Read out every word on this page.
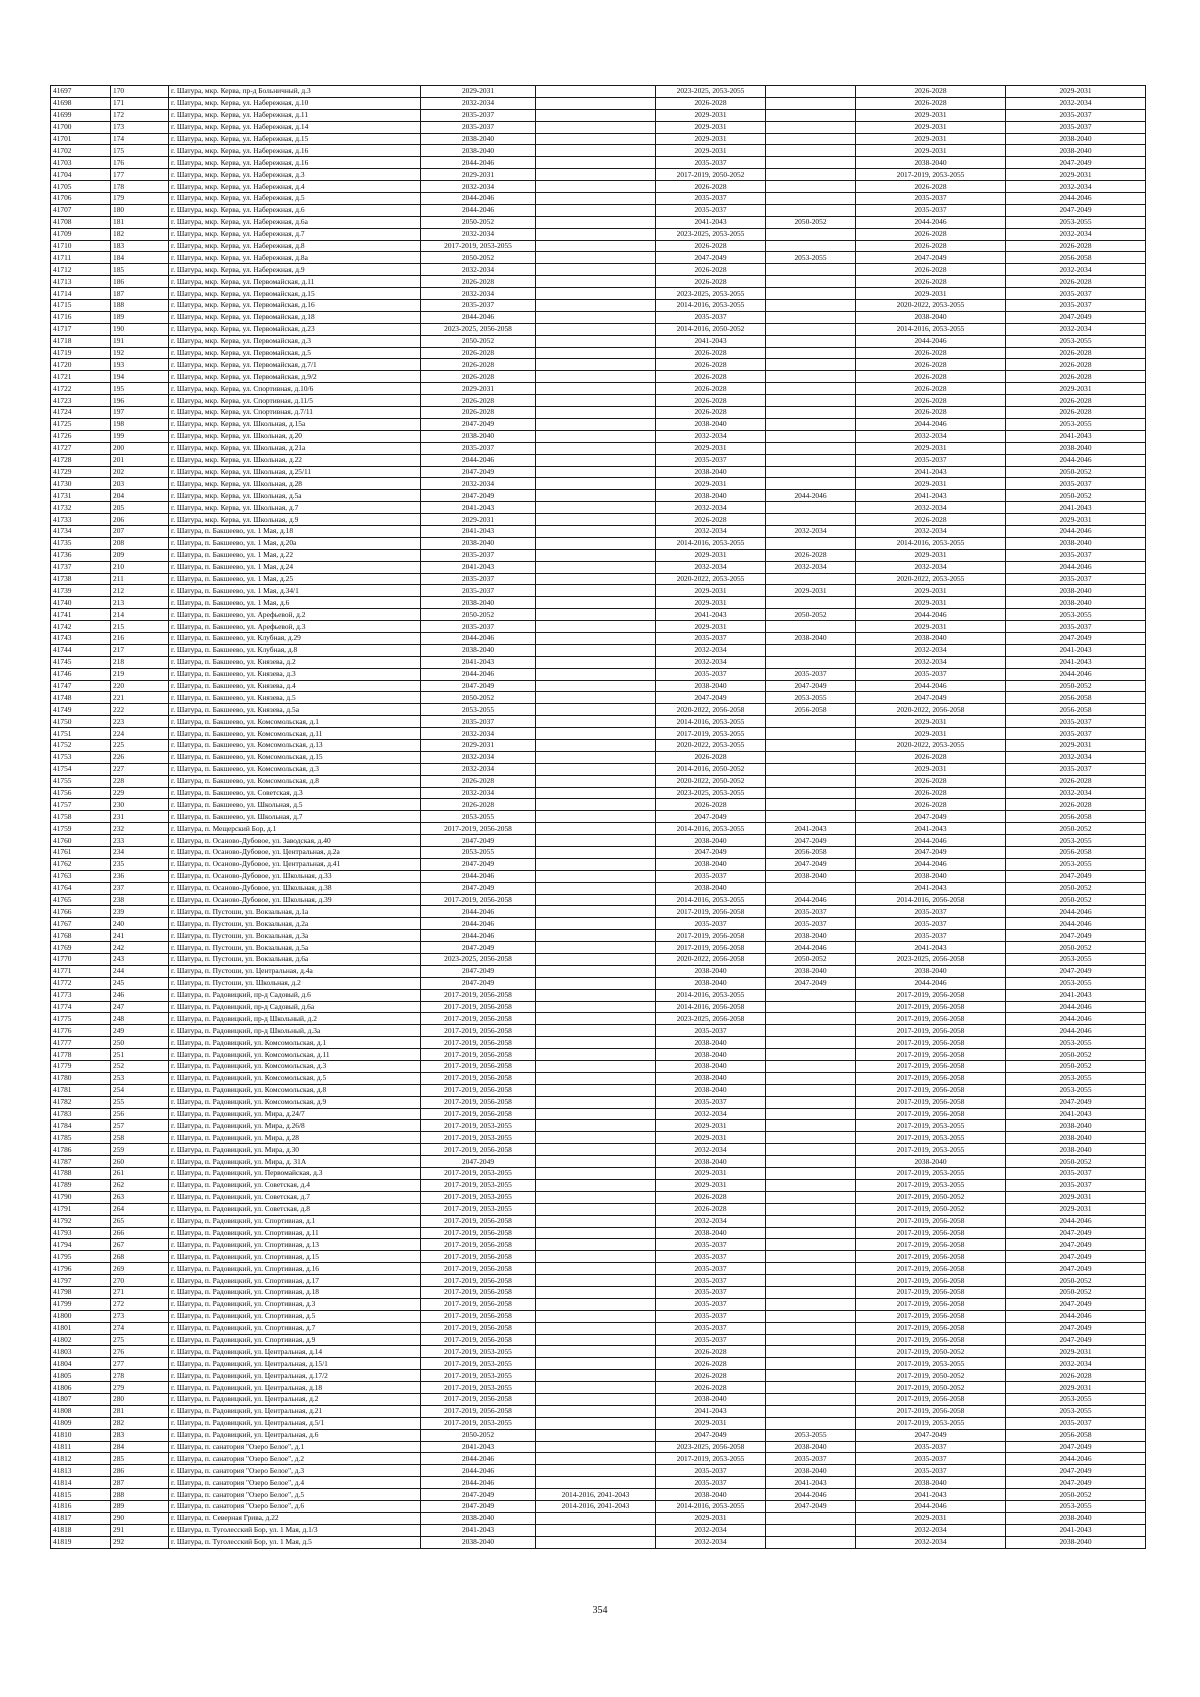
41697	170	г. Шатура, мкр. Керва, пр-д Больничный, д.3	2029-2031		2023-2025, 2053-2055		2026-2028	2029-2031
41698	171	г. Шатура, мкр. Керва, ул. Набережная, д.10	2032-2034		2026-2028		2026-2028	2032-2034
41699	172	г. Шатура, мкр. Керва, ул. Набережная, д.11	2035-2037		2029-2031		2029-2031	2035-2037
41700	173	г. Шатура, мкр. Керва, ул. Набережная, д.14	2035-2037		2029-2031		2029-2031	2035-2037
41701	174	г. Шатура, мкр. Керва, ул. Набережная, д.15	2038-2040		2029-2031		2029-2031	2038-2040
41702	175	г. Шатура, мкр. Керва, ул. Набережная, д.16	2038-2040		2029-2031		2029-2031	2038-2040
41703	176	г. Шатура, мкр. Керва, ул. Набережная, д.16	2044-2046		2035-2037		2038-2040	2047-2049
41704	177	г. Шатура, мкр. Керва, ул. Набережная, д.3	2029-2031		2017-2019, 2050-2052		2017-2019, 2053-2055	2029-2031
41705	178	г. Шатура, мкр. Керва, ул. Набережная, д.4	2032-2034		2026-2028		2026-2028	2032-2034
41706	179	г. Шатура, мкр. Керва, ул. Набережная, д.5	2044-2046		2035-2037		2035-2037	2044-2046
41707	180	г. Шатура, мкр. Керва, ул. Набережная, д.6	2044-2046		2035-2037		2035-2037	2047-2049
41708	181	г. Шатура, мкр. Керва, ул. Набережная, д.6а	2050-2052		2041-2043	2050-2052	2044-2046	2053-2055
41709	182	г. Шатура, мкр. Керва, ул. Набережная, д.7	2032-2034		2023-2025, 2053-2055		2026-2028	2032-2034
41710	183	г. Шатура, мкр. Керва, ул. Набережная, д.8	2017-2019, 2053-2055		2026-2028		2026-2028	2026-2028
41711	184	г. Шатура, мкр. Керва, ул. Набережная, д.8а	2050-2052		2047-2049	2053-2055	2047-2049	2056-2058
41712	185	г. Шатура, мкр. Керва, ул. Набережная, д.9	2032-2034		2026-2028		2026-2028	2032-2034
41713	186	г. Шатура, мкр. Керва, ул. Первомайская, д.11	2026-2028		2026-2028		2026-2028	2026-2028
41714	187	г. Шатура, мкр. Керва, ул. Первомайская, д.15	2032-2034		2023-2025, 2053-2055		2029-2031	2035-2037
41715	188	г. Шатура, мкр. Керва, ул. Первомайская, д.16	2035-2037		2014-2016, 2053-2055		2020-2022, 2053-2055	2035-2037
41716	189	г. Шатура, мкр. Керва, ул. Первомайская, д.18	2044-2046		2035-2037		2038-2040	2047-2049
41717	190	г. Шатура, мкр. Керва, ул. Первомайская, д.23	2023-2025, 2056-2058		2014-2016, 2050-2052		2014-2016, 2053-2055	2032-2034
41718	191	г. Шатура, мкр. Керва, ул. Первомайская, д.3	2050-2052		2041-2043		2044-2046	2053-2055
41719	192	г. Шатура, мкр. Керва, ул. Первомайская, д.5	2026-2028		2026-2028		2026-2028	2026-2028
41720	193	г. Шатура, мкр. Керва, ул. Первомайская, д.7/1	2026-2028		2026-2028		2026-2028	2026-2028
41721	194	г. Шатура, мкр. Керва, ул. Первомайская, д.9/2	2026-2028		2026-2028		2026-2028	2026-2028
41722	195	г. Шатура, мкр. Керва, ул. Спортивная, д.10/6	2029-2031		2026-2028		2026-2028	2029-2031
41723	196	г. Шатура, мкр. Керва, ул. Спортивная, д.11/5	2026-2028		2026-2028		2026-2028	2026-2028
41724	197	г. Шатура, мкр. Керва, ул. Спортивная, д.7/11	2026-2028		2026-2028		2026-2028	2026-2028
41725	198	г. Шатура, мкр. Керва, ул. Школьная, д.15а	2047-2049		2038-2040		2044-2046	2053-2055
41726	199	г. Шатура, мкр. Керва, ул. Школьная, д.20	2038-2040		2032-2034		2032-2034	2041-2043
41727	200	г. Шатура, мкр. Керва, ул. Школьная, д.21а	2035-2037		2029-2031		2029-2031	2038-2040
41728	201	г. Шатура, мкр. Керва, ул. Школьная, д.22	2044-2046		2035-2037		2035-2037	2044-2046
41729	202	г. Шатура, мкр. Керва, ул. Школьная, д.25/11	2047-2049		2038-2040		2041-2043	2050-2052
41730	203	г. Шатура, мкр. Керва, ул. Школьная, д.28	2032-2034		2029-2031		2029-2031	2035-2037
41731	204	г. Шатура, мкр. Керва, ул. Школьная, д.5а	2047-2049		2038-2040	2044-2046	2041-2043	2050-2052
41732	205	г. Шатура, мкр. Керва, ул. Школьная, д.7	2041-2043		2032-2034		2032-2034	2041-2043
41733	206	г. Шатура, мкр. Керва, ул. Школьная, д.9	2029-2031		2026-2028		2026-2028	2029-2031
41734	207	г. Шатура, п. Бакшеево, ул. 1 Мая, д.18	2041-2043		2032-2034	2032-2034	2032-2034	2044-2046
41735	208	г. Шатура, п. Бакшеево, ул. 1 Мая, д.20а	2038-2040		2014-2016, 2053-2055		2014-2016, 2053-2055	2038-2040
41736	209	г. Шатура, п. Бакшеево, ул. 1 Мая, д.22	2035-2037		2029-2031	2026-2028	2029-2031	2035-2037
41737	210	г. Шатура, п. Бакшеево, ул. 1 Мая, д.24	2041-2043		2032-2034	2032-2034	2032-2034	2044-2046
41738	211	г. Шатура, п. Бакшеево, ул. 1 Мая, д.25	2035-2037		2020-2022, 2053-2055		2020-2022, 2053-2055	2035-2037
41739	212	г. Шатура, п. Бакшеево, ул. 1 Мая, д.34/1	2035-2037		2029-2031	2029-2031	2029-2031	2038-2040
41740	213	г. Шатура, п. Бакшеево, ул. 1 Мая, д.6	2038-2040		2029-2031		2029-2031	2038-2040
41741	214	г. Шатура, п. Бакшеево, ул. Арефьевой, д.2	2050-2052		2041-2043	2050-2052	2044-2046	2053-2055
41742	215	г. Шатура, п. Бакшеево, ул. Арефьевой, д.3	2035-2037		2029-2031		2029-2031	2035-2037
41743	216	г. Шатура, п. Бакшеево, ул. Клубная, д.29	2044-2046		2035-2037	2038-2040	2038-2040	2047-2049
41744	217	г. Шатура, п. Бакшеево, ул. Клубная, д.8	2038-2040		2032-2034		2032-2034	2041-2043
41745	218	г. Шатура, п. Бакшеево, ул. Князева, д.2	2041-2043		2032-2034		2032-2034	2041-2043
41746	219	г. Шатура, п. Бакшеево, ул. Князева, д.3	2044-2046		2035-2037	2035-2037	2035-2037	2044-2046
41747	220	г. Шатура, п. Бакшеево, ул. Князева, д.4	2047-2049		2038-2040	2047-2049	2044-2046	2050-2052
41748	221	г. Шатура, п. Бакшеево, ул. Князева, д.5	2050-2052		2047-2049	2053-2055	2047-2049	2056-2058
41749	222	г. Шатура, п. Бакшеево, ул. Князева, д.5а	2053-2055		2020-2022, 2056-2058	2056-2058	2020-2022, 2056-2058	2056-2058
41750	223	г. Шатура, п. Бакшеево, ул. Комсомольская, д.1	2035-2037		2014-2016, 2053-2055		2029-2031	2035-2037
41751	224	г. Шатура, п. Бакшеево, ул. Комсомольская, д.11	2032-2034		2017-2019, 2053-2055		2029-2031	2035-2037
41752	225	г. Шатура, п. Бакшеево, ул. Комсомольская, д.13	2029-2031		2020-2022, 2053-2055		2020-2022, 2053-2055	2029-2031
41753	226	г. Шатура, п. Бакшеево, ул. Комсомольская, д.15	2032-2034		2026-2028		2026-2028	2032-2034
41754	227	г. Шатура, п. Бакшеево, ул. Комсомольская, д.3	2032-2034		2014-2016, 2050-2052		2029-2031	2035-2037
41755	228	г. Шатура, п. Бакшеево, ул. Комсомольская, д.8	2026-2028		2020-2022, 2050-2052		2026-2028	2026-2028
41756	229	г. Шатура, п. Бакшеево, ул. Советская, д.3	2032-2034		2023-2025, 2053-2055		2026-2028	2032-2034
41757	230	г. Шатура, п. Бакшеево, ул. Школьная, д.5	2026-2028		2026-2028		2026-2028	2026-2028
41758	231	г. Шатура, п. Бакшеево, ул. Школьная, д.7	2053-2055		2047-2049		2047-2049	2056-2058
41759	232	г. Шатура, п. Мещерский Бор, д.1	2017-2019, 2056-2058		2014-2016, 2053-2055	2041-2043	2041-2043	2050-2052
41760	233	г. Шатура, п. Осаново-Дубовое, ул. Заводская, д.40	2047-2049		2038-2040	2047-2049	2044-2046	2053-2055
41761	234	г. Шатура, п. Осаново-Дубовое, ул. Центральная, д.2а	2053-2055		2047-2049	2056-2058	2047-2049	2056-2058
41762	235	г. Шатура, п. Осаново-Дубовое, ул. Центральная, д.41	2047-2049		2038-2040	2047-2049	2044-2046	2053-2055
41763	236	г. Шатура, п. Осаново-Дубовое, ул. Школьная, д.33	2044-2046		2035-2037	2038-2040	2038-2040	2047-2049
41764	237	г. Шатура, п. Осаново-Дубовое, ул. Школьная, д.38	2047-2049		2038-2040		2041-2043	2050-2052
41765	238	г. Шатура, п. Осаново-Дубовое, ул. Школьная, д.39	2017-2019, 2056-2058		2014-2016, 2053-2055	2044-2046	2014-2016, 2056-2058	2050-2052
41766	239	г. Шатура, п. Пустоши, ул. Вокзальная, д.1а	2044-2046		2017-2019, 2056-2058	2035-2037	2035-2037	2044-2046
41767	240	г. Шатура, п. Пустоши, ул. Вокзальная, д.2а	2044-2046		2035-2037	2035-2037	2035-2037	2044-2046
41768	241	г. Шатура, п. Пустоши, ул. Вокзальная, д.3а	2044-2046		2017-2019, 2056-2058	2038-2040	2035-2037	2047-2049
41769	242	г. Шатура, п. Пустоши, ул. Вокзальная, д.5а	2047-2049		2017-2019, 2056-2058	2044-2046	2041-2043	2050-2052
41770	243	г. Шатура, п. Пустоши, ул. Вокзальная, д.6а	2023-2025, 2056-2058		2020-2022, 2056-2058	2050-2052	2023-2025, 2056-2058	2053-2055
41771	244	г. Шатура, п. Пустоши, ул. Центральная, д.4а	2047-2049		2038-2040	2038-2040	2038-2040	2047-2049
41772	245	г. Шатура, п. Пустоши, ул. Школьная, д.2	2047-2049		2038-2040	2047-2049	2044-2046	2053-2055
41773	246	г. Шатура, п. Радовицкий, пр-д Садовый, д.6	2017-2019, 2056-2058		2014-2016, 2053-2055		2017-2019, 2056-2058	2041-2043
41774	247	г. Шатура, п. Радовицкий, пр-д Садовый, д.6а	2017-2019, 2056-2058		2014-2016, 2056-2058		2017-2019, 2056-2058	2044-2046
41775	248	г. Шатура, п. Радовицкий, пр-д Школьный, д.2	2017-2019, 2056-2058		2023-2025, 2056-2058		2017-2019, 2056-2058	2044-2046
41776	249	г. Шатура, п. Радовицкий, пр-д Школьный, д.3а	2017-2019, 2056-2058		2035-2037		2017-2019, 2056-2058	2044-2046
41777	250	г. Шатура, п. Радовицкий, ул. Комсомольская, д.1	2017-2019, 2056-2058		2038-2040		2017-2019, 2056-2058	2053-2055
41778	251	г. Шатура, п. Радовицкий, ул. Комсомольская, д.11	2017-2019, 2056-2058		2038-2040		2017-2019, 2056-2058	2050-2052
41779	252	г. Шатура, п. Радовицкий, ул. Комсомольская, д.3	2017-2019, 2056-2058		2038-2040		2017-2019, 2056-2058	2050-2052
41780	253	г. Шатура, п. Радовицкий, ул. Комсомольская, д.5	2017-2019, 2056-2058		2038-2040		2017-2019, 2056-2058	2053-2055
41781	254	г. Шатура, п. Радовицкий, ул. Комсомольская, д.8	2017-2019, 2056-2058		2038-2040		2017-2019, 2056-2058	2053-2055
41782	255	г. Шатура, п. Радовицкий, ул. Комсомольская, д.9	2017-2019, 2056-2058		2035-2037		2017-2019, 2056-2058	2047-2049
41783	256	г. Шатура, п. Радовицкий, ул. Мира, д.24/7	2017-2019, 2056-2058		2032-2034		2017-2019, 2056-2058	2041-2043
41784	257	г. Шатура, п. Радовицкий, ул. Мира, д.26/8	2017-2019, 2053-2055		2029-2031		2017-2019, 2053-2055	2038-2040
41785	258	г. Шатура, п. Радовицкий, ул. Мира, д.28	2017-2019, 2053-2055		2029-2031		2017-2019, 2053-2055	2038-2040
41786	259	г. Шатура, п. Радовицкий, ул. Мира, д.30	2017-2019, 2056-2058		2032-2034		2017-2019, 2053-2055	2038-2040
41787	260	г. Шатура, п. Радовицкий, ул. Мира, д. 31А	2047-2049		2038-2040		2038-2040	2050-2052
41788	261	г. Шатура, п. Радовицкий, ул. Первомайская, д.3	2017-2019, 2053-2055		2029-2031		2017-2019, 2053-2055	2035-2037
41789	262	г. Шатура, п. Радовицкий, ул. Советская, д.4	2017-2019, 2053-2055		2029-2031		2017-2019, 2053-2055	2035-2037
41790	263	г. Шатура, п. Радовицкий, ул. Советская, д.7	2017-2019, 2053-2055		2026-2028		2017-2019, 2050-2052	2029-2031
41791	264	г. Шатура, п. Радовицкий, ул. Советская, д.8	2017-2019, 2053-2055		2026-2028		2017-2019, 2050-2052	2029-2031
41792	265	г. Шатура, п. Радовицкий, ул. Спортивная, д.1	2017-2019, 2056-2058		2032-2034		2017-2019, 2056-2058	2044-2046
41793	266	г. Шатура, п. Радовицкий, ул. Спортивная, д.11	2017-2019, 2056-2058		2038-2040		2017-2019, 2056-2058	2047-2049
41794	267	г. Шатура, п. Радовицкий, ул. Спортивная, д.13	2017-2019, 2056-2058		2035-2037		2017-2019, 2056-2058	2047-2049
41795	268	г. Шатура, п. Радовицкий, ул. Спортивная, д.15	2017-2019, 2056-2058		2035-2037		2017-2019, 2056-2058	2047-2049
41796	269	г. Шатура, п. Радовицкий, ул. Спортивная, д.16	2017-2019, 2056-2058		2035-2037		2017-2019, 2056-2058	2047-2049
41797	270	г. Шатура, п. Радовицкий, ул. Спортивная, д.17	2017-2019, 2056-2058		2035-2037		2017-2019, 2056-2058	2050-2052
41798	271	г. Шатура, п. Радовицкий, ул. Спортивная, д.18	2017-2019, 2056-2058		2035-2037		2017-2019, 2056-2058	2050-2052
41799	272	г. Шатура, п. Радовицкий, ул. Спортивная, д.3	2017-2019, 2056-2058		2035-2037		2017-2019, 2056-2058	2047-2049
41800	273	г. Шатура, п. Радовицкий, ул. Спортивная, д.5	2017-2019, 2056-2058		2035-2037		2017-2019, 2056-2058	2044-2046
41801	274	г. Шатура, п. Радовицкий, ул. Спортивная, д.7	2017-2019, 2056-2058		2035-2037		2017-2019, 2056-2058	2047-2049
41802	275	г. Шатура, п. Радовицкий, ул. Спортивная, д.9	2017-2019, 2056-2058		2035-2037		2017-2019, 2056-2058	2047-2049
41803	276	г. Шатура, п. Радовицкий, ул. Центральная, д.14	2017-2019, 2053-2055		2026-2028		2017-2019, 2050-2052	2029-2031
41804	277	г. Шатура, п. Радовицкий, ул. Центральная, д.15/1	2017-2019, 2053-2055		2026-2028		2017-2019, 2053-2055	2032-2034
41805	278	г. Шатура, п. Радовицкий, ул. Центральная, д.17/2	2017-2019, 2053-2055		2026-2028		2017-2019, 2050-2052	2026-2028
41806	279	г. Шатура, п. Радовицкий, ул. Центральная, д.18	2017-2019, 2053-2055		2026-2028		2017-2019, 2050-2052	2029-2031
41807	280	г. Шатура, п. Радовицкий, ул. Центральная, д.2	2017-2019, 2056-2058		2038-2040		2017-2019, 2056-2058	2053-2055
41808	281	г. Шатура, п. Радовицкий, ул. Центральная, д.21	2017-2019, 2056-2058		2041-2043		2017-2019, 2056-2058	2053-2055
41809	282	г. Шатура, п. Радовицкий, ул. Центральная, д.5/1	2017-2019, 2053-2055		2029-2031		2017-2019, 2053-2055	2035-2037
41810	283	г. Шатура, п. Радовицкий, ул. Центральная, д.6	2050-2052		2047-2049	2053-2055	2047-2049	2056-2058
41811	284	г. Шатура, п. санатория "Озеро Белое", д.1	2041-2043		2023-2025, 2056-2058	2038-2040	2035-2037	2047-2049
41812	285	г. Шатура, п. санатория "Озеро Белое", д.2	2044-2046		2017-2019, 2053-2055	2035-2037	2035-2037	2044-2046
41813	286	г. Шатура, п. санатория "Озеро Белое", д.3	2044-2046		2035-2037	2038-2040	2035-2037	2047-2049
41814	287	г. Шатура, п. санатория "Озеро Белое", д.4	2044-2046		2035-2037	2041-2043	2038-2040	2047-2049
41815	288	г. Шатура, п. санатория "Озеро Белое", д.5	2047-2049	2014-2016, 2041-2043	2038-2040	2044-2046	2041-2043	2050-2052
41816	289	г. Шатура, п. санатория "Озеро Белое", д.6	2047-2049	2014-2016, 2041-2043	2014-2016, 2053-2055	2047-2049	2044-2046	2053-2055
41817	290	г. Шатура, п. Северная Грива, д.22	2038-2040		2029-2031		2029-2031	2038-2040
41818	291	г. Шатура, п. Туголесский Бор, ул. 1 Мая, д.1/3	2041-2043		2032-2034		2032-2034	2041-2043
41819	292	г. Шатура, п. Туголесский Бор, ул. 1 Мая, д.5	2038-2040		2032-2034		2032-2034	2038-2040
354
